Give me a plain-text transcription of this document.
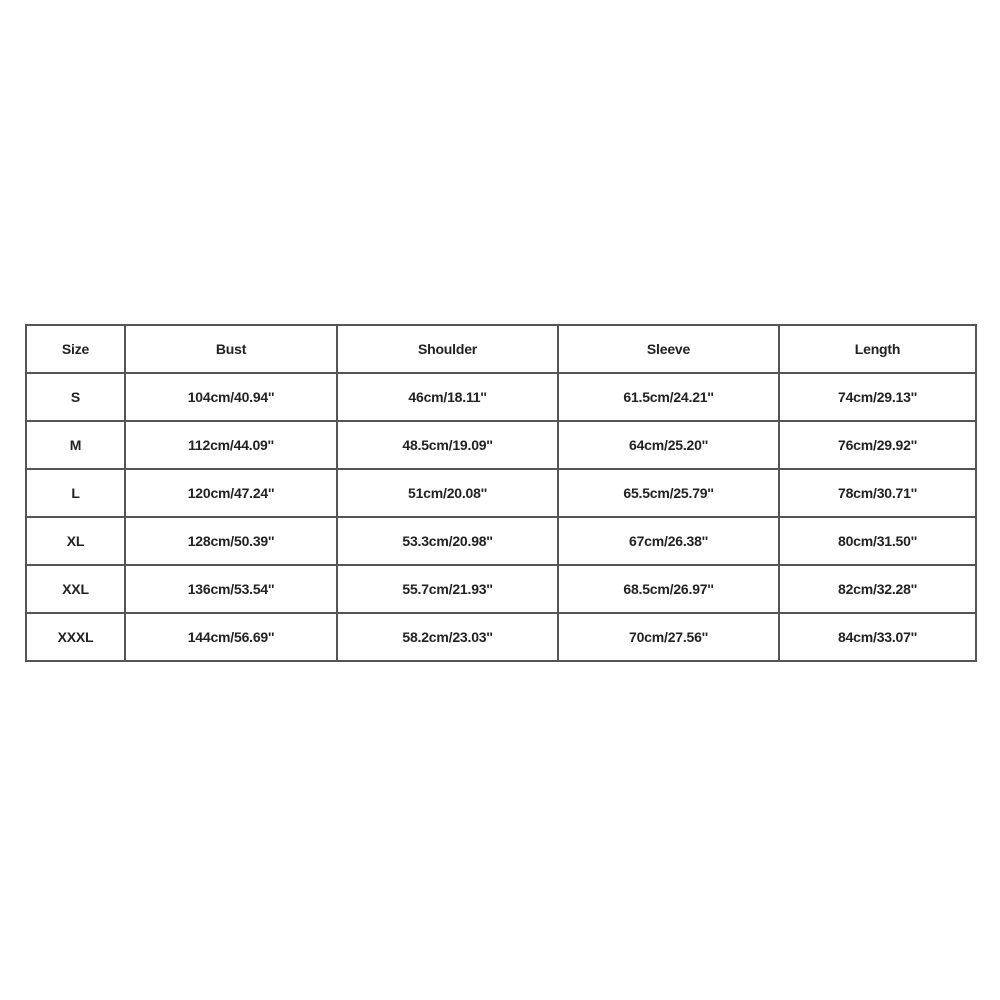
Size	Bust	Shoulder	Sleeve	Length
S	104cm/40.94''	46cm/18.11''	61.5cm/24.21''	74cm/29.13''
M	112cm/44.09''	48.5cm/19.09''	64cm/25.20''	76cm/29.92''
L	120cm/47.24''	51cm/20.08''	65.5cm/25.79''	78cm/30.71''
XL	128cm/50.39''	53.3cm/20.98''	67cm/26.38''	80cm/31.50''
XXL	136cm/53.54''	55.7cm/21.93''	68.5cm/26.97''	82cm/32.28''
XXXL	144cm/56.69''	58.2cm/23.03''	70cm/27.56''	84cm/33.07''
